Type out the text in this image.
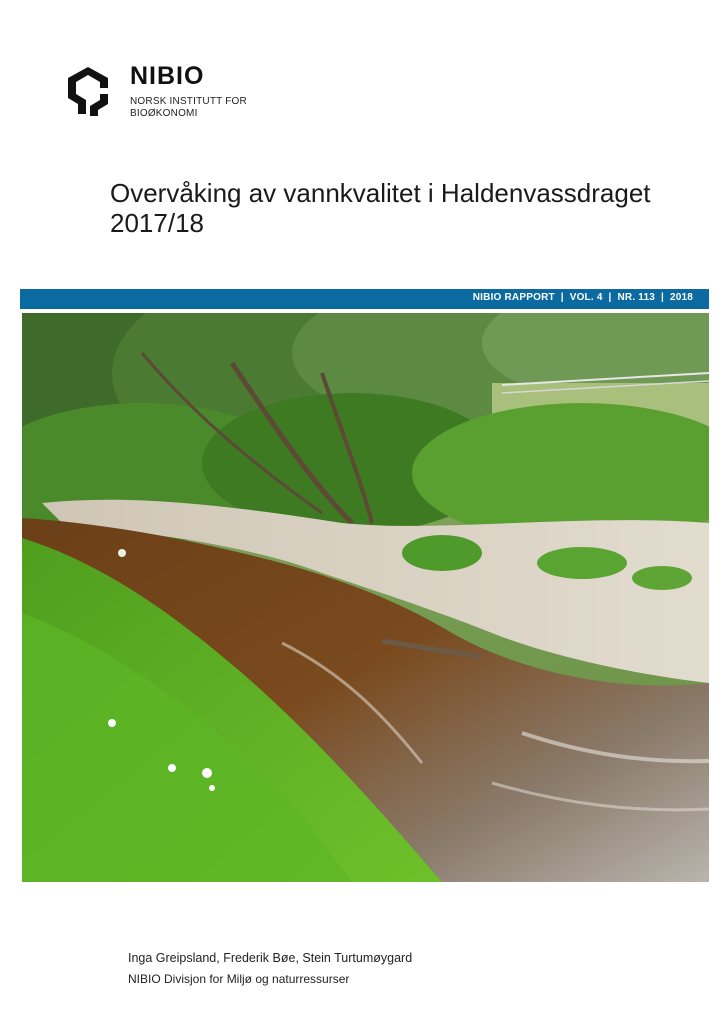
NIBIO
NORSK INSTITUTT FOR
BIOØKONOMI
Overvåking av vannkvalitet i Haldenvassdraget
2017/18
NIBIO RAPPORT  |  VOL. 4  |  NR. 113  |  2018
Inga Greipsland, Frederik Bøe, Stein Turtumøygard
NIBIO Divisjon for Miljø og naturressurser
